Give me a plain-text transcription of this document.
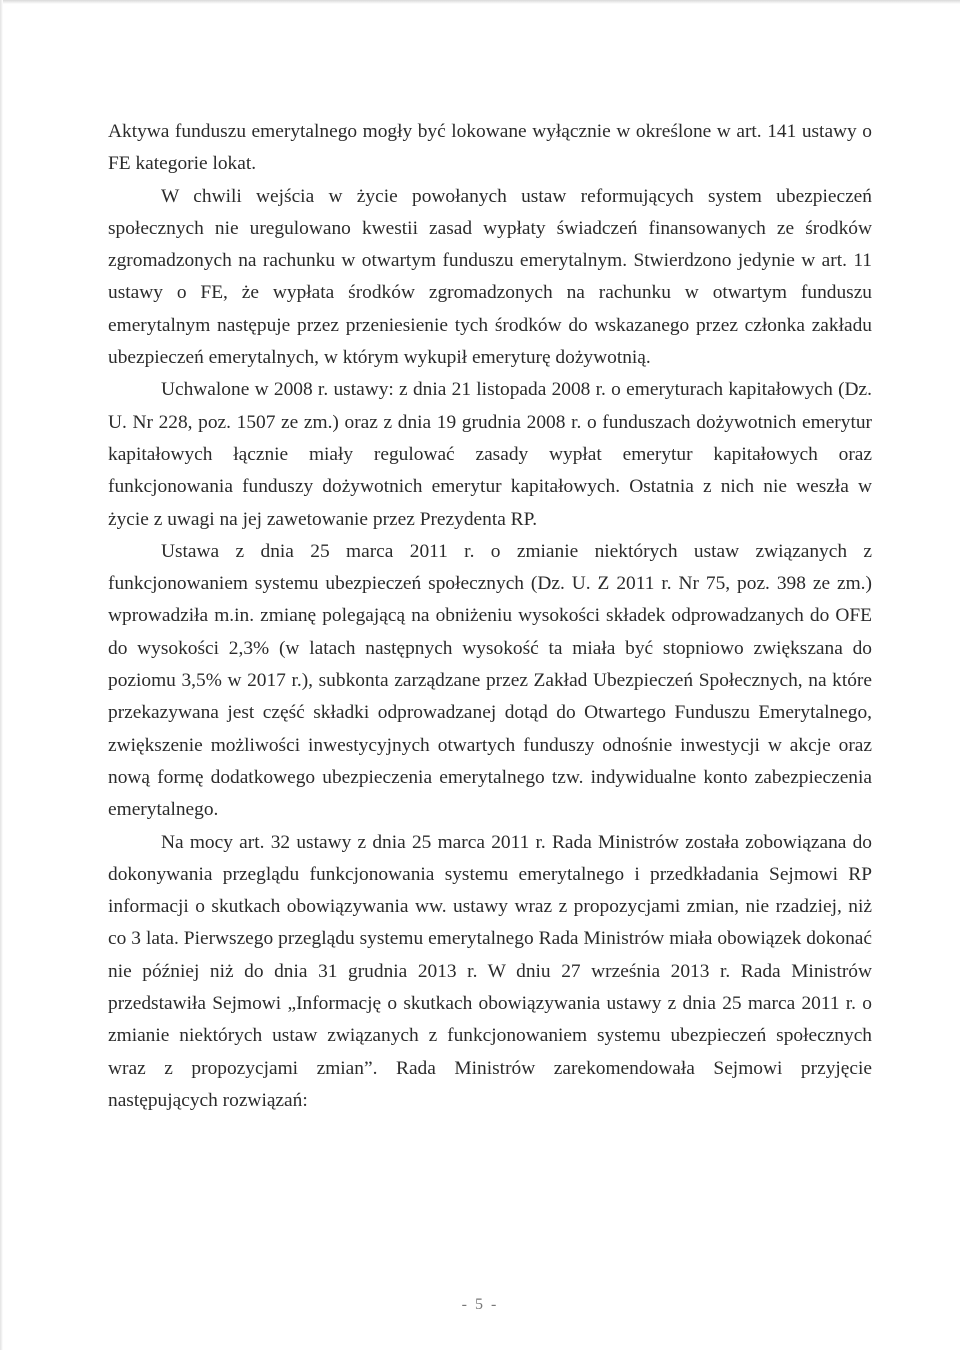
Aktywa funduszu emerytalnego mogły być lokowane wyłącznie w określone w art. 141 ustawy o FE kategorie lokat.

W chwili wejścia w życie powołanych ustaw reformujących system ubezpieczeń społecznych nie uregulowano kwestii zasad wypłaty świadczeń finansowanych ze środków zgromadzonych na rachunku w otwartym funduszu emerytalnym. Stwierdzono jedynie w art. 11 ustawy o FE, że wypłata środków zgromadzonych na rachunku w otwartym funduszu emerytalnym następuje przez przeniesienie tych środków do wskazanego przez członka zakładu ubezpieczeń emerytalnych, w którym wykupił emeryturę dożywotnią.

Uchwalone w 2008 r. ustawy: z dnia 21 listopada 2008 r. o emeryturach kapitałowych (Dz. U. Nr 228, poz. 1507 ze zm.) oraz z dnia 19 grudnia 2008 r. o funduszach dożywotnich emerytur kapitałowych łącznie miały regulować zasady wypłat emerytur kapitałowych oraz funkcjonowania funduszy dożywotnich emerytur kapitałowych. Ostatnia z nich nie weszła w życie z uwagi na jej zawetowanie przez Prezydenta RP.

Ustawa z dnia 25 marca 2011 r. o zmianie niektórych ustaw związanych z funkcjonowaniem systemu ubezpieczeń społecznych (Dz. U. Z 2011 r. Nr 75, poz. 398 ze zm.) wprowadziła m.in. zmianę polegającą na obniżeniu wysokości składek odprowadzanych do OFE do wysokości 2,3% (w latach następnych wysokość ta miała być stopniowo zwiększana do poziomu 3,5% w 2017 r.), subkonta zarządzane przez Zakład Ubezpieczeń Społecznych, na które przekazywana jest część składki odprowadzanej dotąd do Otwartego Funduszu Emerytalnego, zwiększenie możliwości inwestycyjnych otwartych funduszy odnośnie inwestycji w akcje oraz nową formę dodatkowego ubezpieczenia emerytalnego tzw. indywidualne konto zabezpieczenia emerytalnego.

Na mocy art. 32 ustawy z dnia 25 marca 2011 r. Rada Ministrów została zobowiązana do dokonywania przeglądu funkcjonowania systemu emerytalnego i przedkładania Sejmowi RP informacji o skutkach obowiązywania ww. ustawy wraz z propozycjami zmian, nie rzadziej, niż co 3 lata. Pierwszego przeglądu systemu emerytalnego Rada Ministrów miała obowiązek dokonać nie później niż do dnia 31 grudnia 2013 r. W dniu 27 września 2013 r. Rada Ministrów przedstawiła Sejmowi „Informację o skutkach obowiązywania ustawy z dnia 25 marca 2011 r. o zmianie niektórych ustaw związanych z funkcjonowaniem systemu ubezpieczeń społecznych wraz z propozycjami zmian”. Rada Ministrów zarekomendowała Sejmowi przyjęcie następujących rozwiązań:

- 5 -
